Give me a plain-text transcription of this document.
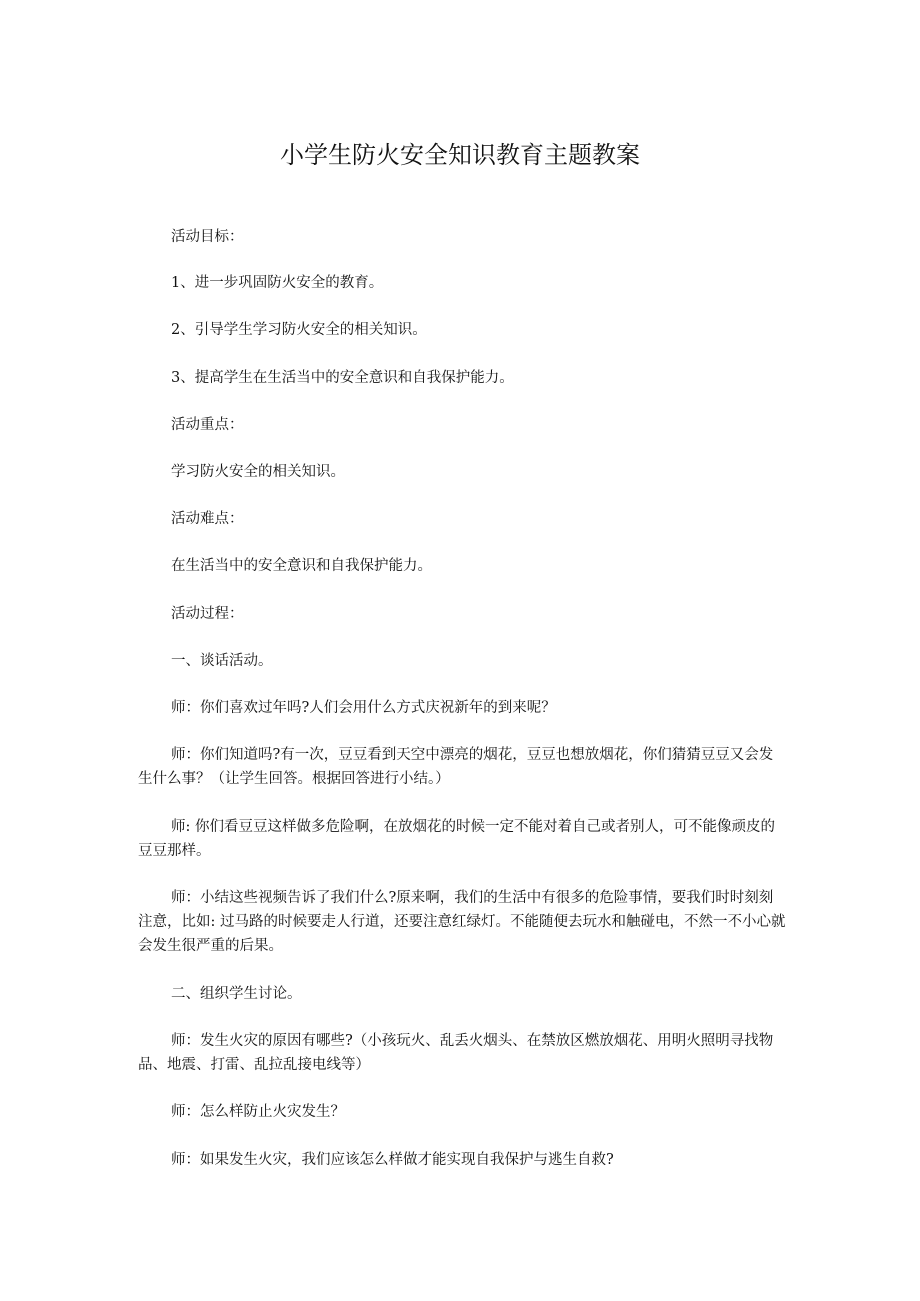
小学生防火安全知识教育主题教案
活动目标：
1、进一步巩固防火安全的教育。
2、引导学生学习防火安全的相关知识。
3、提高学生在生活当中的安全意识和自我保护能力。
活动重点：
学习防火安全的相关知识。
活动难点：
在生活当中的安全意识和自我保护能力。
活动过程：
一、谈话活动。
师：你们喜欢过年吗?人们会用什么方式庆祝新年的到来呢？
师：你们知道吗?有一次，豆豆看到天空中漂亮的烟花，豆豆也想放烟花，你们猜猜豆豆又会发生什么事？（让学生回答。根据回答进行小结。）
师: 你们看豆豆这样做多危险啊，在放烟花的时候一定不能对着自己或者别人，可不能像顽皮的豆豆那样。
师：小结这些视频告诉了我们什么?原来啊，我们的生活中有很多的危险事情，要我们时时刻刻注意，比如: 过马路的时候要走人行道，还要注意红绿灯。不能随便去玩水和触碰电，不然一不小心就会发生很严重的后果。
二、组织学生讨论。
师：发生火灾的原因有哪些?（小孩玩火、乱丢火烟头、在禁放区燃放烟花、用明火照明寻找物品、地震、打雷、乱拉乱接电线等）
师：怎么样防止火灾发生？
师：如果发生火灾，我们应该怎么样做才能实现自我保护与逃生自救?
